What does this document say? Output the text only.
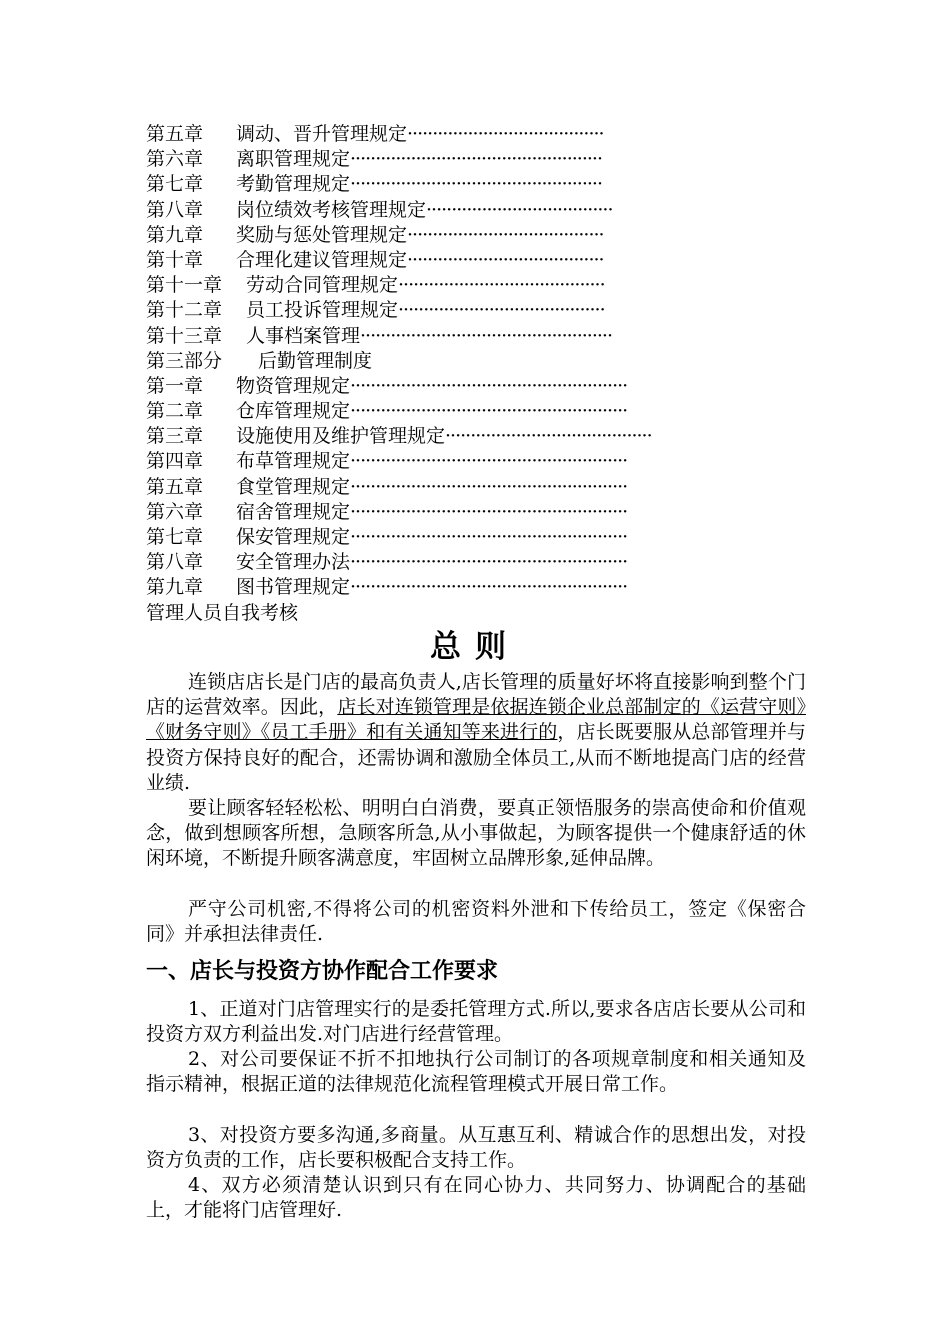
第五章	调动、晋升管理规定 ·······································
第六章	离职管理规定 ··················································
第七章	考勤管理规定 ··················································
第八章	岗位绩效考核管理规定 ·····································
第九章	奖励与惩处管理规定 ·······································
第十章	合理化建议管理规定 ·······································
第十一章	劳动合同管理规定 ·········································
第十二章	员工投诉管理规定 ·········································
第十三章	人事档案管理 ··················································
第三部分	后勤管理制度
第一章	物资管理规定 ·······················································
第二章	仓库管理规定 ·······················································
第三章	设施使用及维护管理规定 ·········································
第四章	布草管理规定 ·······················································
第五章	食堂管理规定 ·······················································
第六章	宿舍管理规定 ·······················································
第七章	保安管理规定 ·······················································
第八章	安全管理办法 ·······················································
第九章	图书管理规定 ·······················································
管理人员自我考核
总则

连锁店店长是门店的最高负责人,店长管理的质量好坏将直接影响到整个门店的运营效率。因此，店长对连锁管理是依据连锁企业总部制定的《运营守则》《财务守则》《员工手册》和有关通知等来进行的，店长既要服从总部管理并与投资方保持良好的配合，还需协调和激励全体员工,从而不断地提高门店的经营业绩.

要让顾客轻轻松松、明明白白消费，要真正领悟服务的崇高使命和价值观念，做到想顾客所想，急顾客所急,从小事做起，为顾客提供一个健康舒适的休闲环境，不断提升顾客满意度，牢固树立品牌形象,延伸品牌。

严守公司机密,不得将公司的机密资料外泄和下传给员工，签定《保密合同》并承担法律责任.

一、店长与投资方协作配合工作要求

1、正道对门店管理实行的是委托管理方式.所以,要求各店店长要从公司和投资方双方利益出发.对门店进行经营管理。

2、对公司要保证不折不扣地执行公司制订的各项规章制度和相关通知及指示精神，根据正道的法律规范化流程管理模式开展日常工作。

3、对投资方要多沟通,多商量。从互惠互利、精诚合作的思想出发，对投资方负责的工作，店长要积极配合支持工作。

4、双方必须清楚认识到只有在同心协力、共同努力、协调配合的基础上，才能将门店管理好.
